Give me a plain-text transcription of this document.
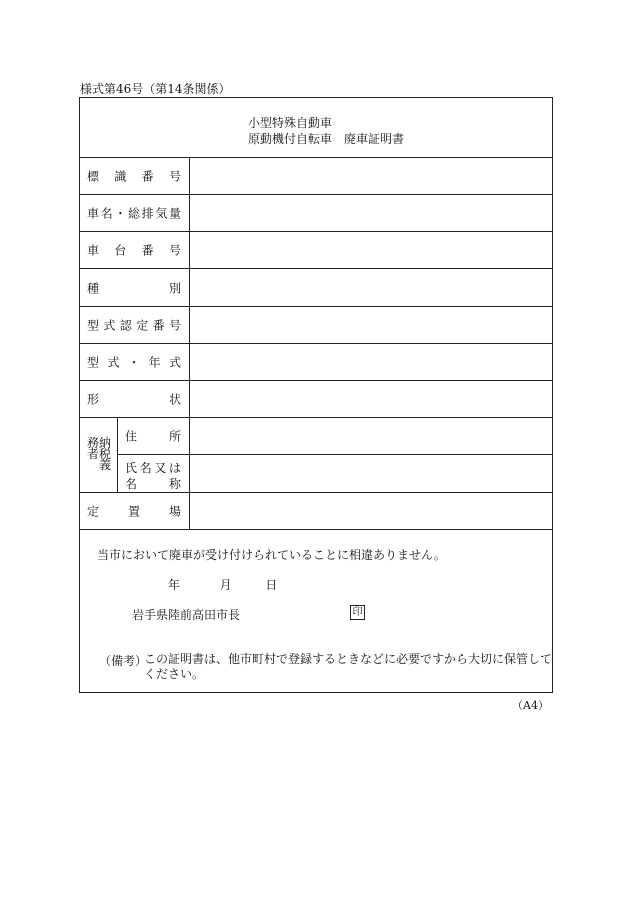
様式第46号（第14条関係）
小型特殊自動車
原動機付自転車　廃車証明書
標識番号
車名・総排気量
車台番号
種別
型式認定番号
型式・年式
形状
納税義務者	住所
氏名又は
名称
定置場
当市において廃車が受け付けられていることに相違ありません。
年	月	日
岩手県陸前高田市長	印
（備考）
この証明書は、他市町村で登録するときなどに必要ですから大切に保管してください。
（A4）
